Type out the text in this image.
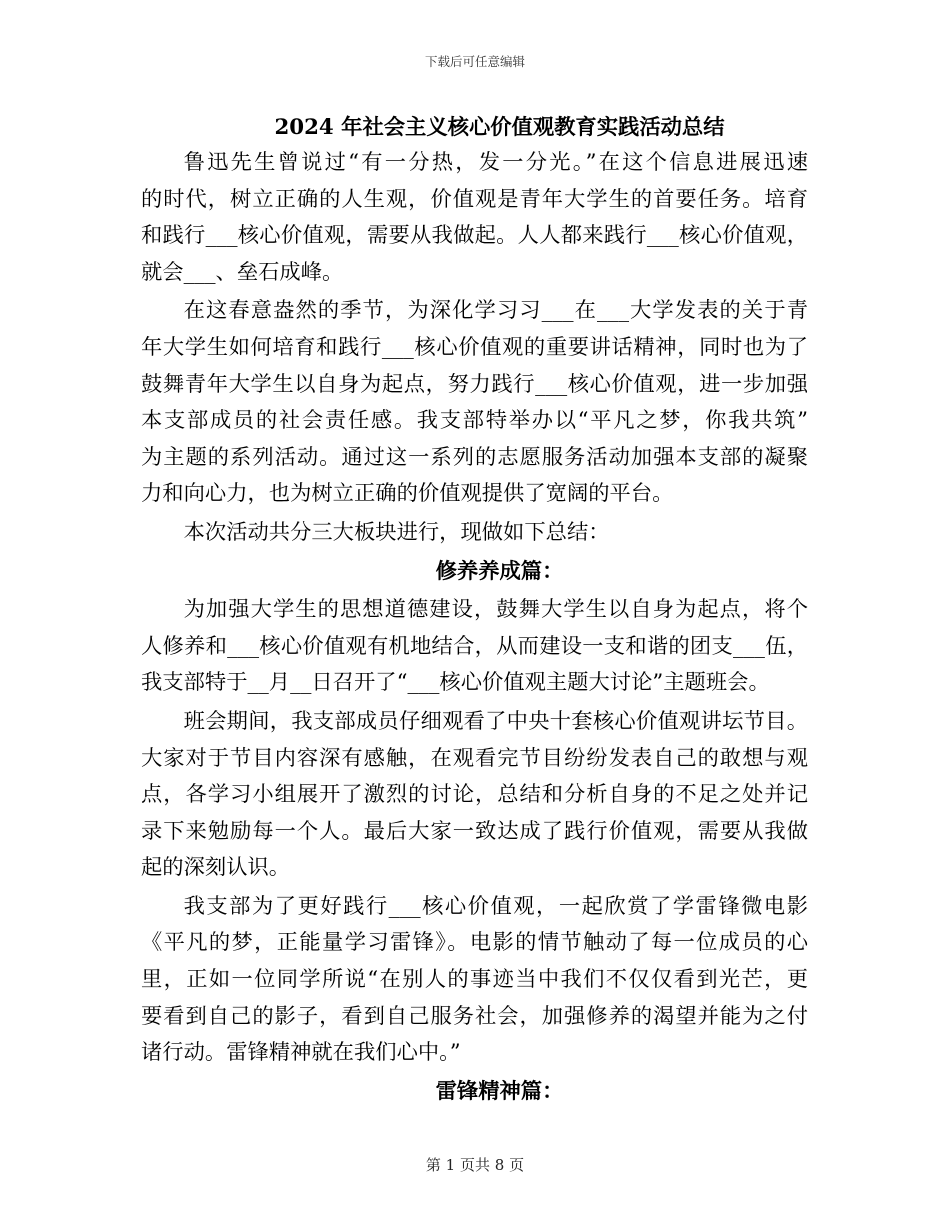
下载后可任意编辑
2024 年社会主义核心价值观教育实践活动总结
鲁迅先生曾说过“有一分热，发一分光。”在这个信息进展迅速
的时代，树立正确的人生观，价值观是青年大学生的首要任务。培育
和践行___核心价值观，需要从我做起。人人都来践行___核心价值观，
就会___、垒石成峰。
在这春意盎然的季节，为深化学习习___在___大学发表的关于青
年大学生如何培育和践行___核心价值观的重要讲话精神，同时也为了
鼓舞青年大学生以自身为起点，努力践行___核心价值观，进一步加强
本支部成员的社会责任感。我支部特举办以“平凡之梦，你我共筑”
为主题的系列活动。通过这一系列的志愿服务活动加强本支部的凝聚
力和向心力，也为树立正确的价值观提供了宽阔的平台。
本次活动共分三大板块进行，现做如下总结：
修养养成篇：
为加强大学生的思想道德建设，鼓舞大学生以自身为起点，将个
人修养和___核心价值观有机地结合，从而建设一支和谐的团支___伍，
我支部特于__月__日召开了“___核心价值观主题大讨论”主题班会。
班会期间，我支部成员仔细观看了中央十套核心价值观讲坛节目。
大家对于节目内容深有感触，在观看完节目纷纷发表自己的敢想与观
点，各学习小组展开了激烈的讨论，总结和分析自身的不足之处并记
录下来勉励每一个人。最后大家一致达成了践行价值观，需要从我做
起的深刻认识。
我支部为了更好践行___核心价值观，一起欣赏了学雷锋微电影
《平凡的梦，正能量学习雷锋》。电影的情节触动了每一位成员的心
里，正如一位同学所说“在别人的事迹当中我们不仅仅看到光芒，更
要看到自己的影子，看到自己服务社会，加强修养的渴望并能为之付
诸行动。雷锋精神就在我们心中。”
雷锋精神篇：
第 1 页共 8 页
